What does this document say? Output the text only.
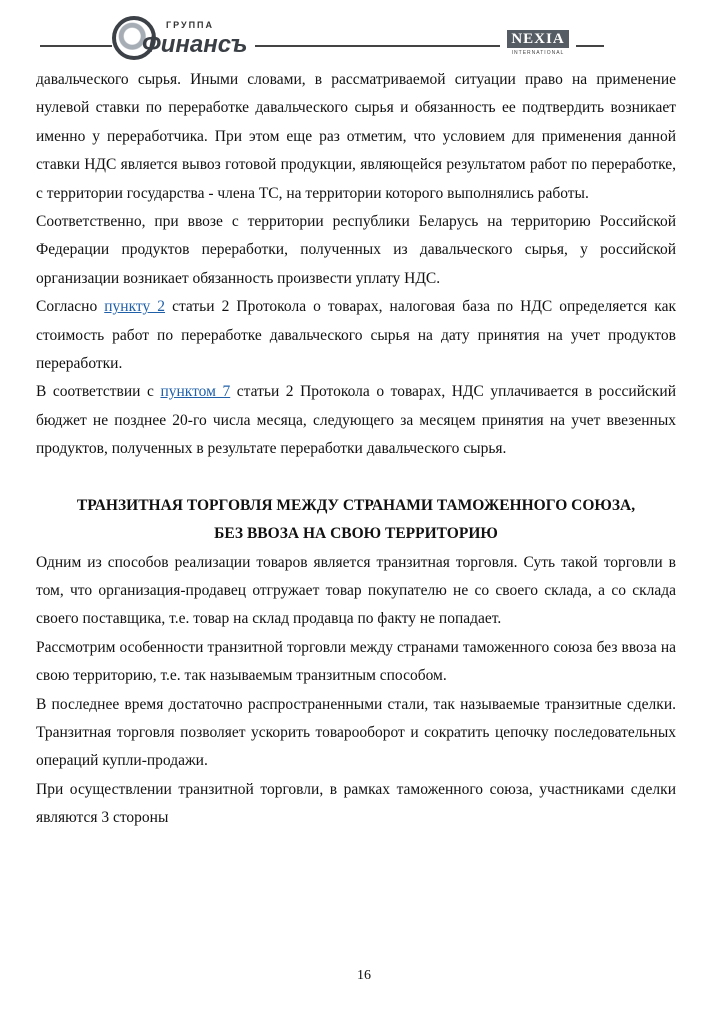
ГРУППА
Финансъ	NEXIA
INTERNATIONAL

давальческого сырья. Иными словами, в рассматриваемой ситуации право на применение нулевой ставки по переработке давальческого сырья и обязанность ее подтвердить возникает именно у переработчика. При этом еще раз отметим, что условием для применения данной ставки НДС является вывоз готовой продукции, являющейся результатом работ по переработке, с территории государства - члена ТС, на территории которого выполнялись работы.

Соответственно, при ввозе с территории республики Беларусь на территорию Российской Федерации продуктов переработки, полученных из давальческого сырья, у российской организации возникает обязанность произвести уплату НДС.

Согласно пункту 2 статьи 2 Протокола о товарах, налоговая база по НДС определяется как стоимость работ по переработке давальческого сырья на дату принятия на учет продуктов переработки.

В соответствии с пунктом 7 статьи 2 Протокола о товарах, НДС уплачивается в российский бюджет не позднее 20-го числа месяца, следующего за месяцем принятия на учет ввезенных продуктов, полученных в результате переработки давальческого сырья.

ТРАНЗИТНАЯ ТОРГОВЛЯ МЕЖДУ СТРАНАМИ ТАМОЖЕННОГО СОЮЗА,
БЕЗ ВВОЗА НА СВОЮ ТЕРРИТОРИЮ

Одним из способов реализации товаров является транзитная торговля. Суть такой торговли в том, что организация-продавец отгружает товар покупателю не со своего склада, а со склада своего поставщика, т.е. товар на склад продавца по факту не попадает.

Рассмотрим особенности транзитной торговли между странами таможенного союза без ввоза на свою территорию, т.е. так называемым транзитным способом.

В последнее время достаточно распространенными стали, так называемые транзитные сделки. Транзитная торговля позволяет ускорить товарооборот и сократить цепочку последовательных операций купли-продажи.

При осуществлении транзитной торговли, в рамках таможенного союза, участниками сделки являются 3 стороны

16
